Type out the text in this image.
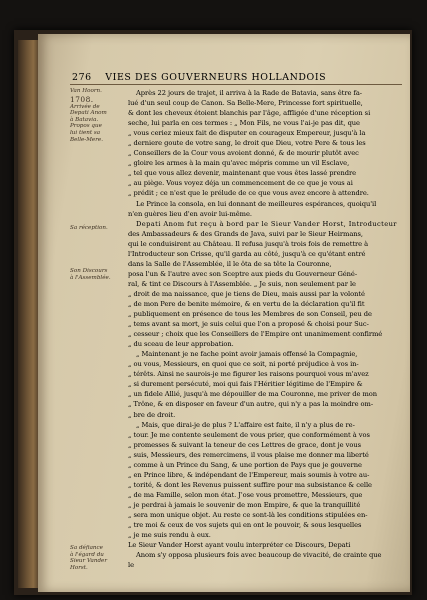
276 VIES DES GOUVERNEURS HOLLANDOIS
Van Hoorn.
1708.
Arrivée de
Depati Anom
à Batavia.
Propos que
lui tient sa
Belle-Mere.
Sa réception.
Son Discours
à l'Assemblée.
Sa défiance
à l'égard du
Sieur Vander
Horst.
Après 22 jours de trajet, il arriva à la Rade de Batavia, sans être fa-
lué d'un seul coup de Canon. Sa Belle-Mere, Princesse fort spirituelle,
& dont les cheveux étoient blanchis par l'âge, affligée d'une réception si
seche, lui parla en ces termes : „ Mon Fils, ne vous l'ai-je pas dit, que
„ vous ceriez mieux fait de disputer en courageux Empereur, jusqu'à la
„ derniere goute de votre sang, le droit que Dieu, votre Pere & tous les
„ Conseillers de la Cour vous avoient donné, & de mourir plutôt avec
„ gloire les armes à la main qu'avec mépris comme un vil Esclave,
„ tel que vous allez devenir, maintenant que vous êtes lassé prendre
„ au piège. Vous voyez déja un commencement de ce que je vous ai
„ prédit ; ce n'est que le prélude de ce que vous avez encore à attendre.
Le Prince la consola, en lui donnant de meilleures espérances, quoiqu'il
n'en guères lieu d'en avoir lui-même.
Depati Anom fut reçu à bord par le Sieur Vander Horst, Introducteur
des Ambassadeurs & des Grands de Java, suivi par le Sieur Heirmans,
qui le conduisirent au Château. Il refusa jusqu'à trois fois de remettre à
l'Introducteur son Crisse, qu'il garda au côté, jusqu'à ce qu'étant entré
dans la Salle de l'Assemblée, il le ôta de sa tête la Couronne,
posa l'un & l'autre avec son Sceptre aux pieds du Gouverneur Géné-
ral, & tint ce Discours à l'Assemblée. „ Je suis, non seulement par le
„ droit de ma naissance, que je tiens de Dieu, mais aussi par la volonté
„ de mon Pere de benite mémoire, & en vertu de la déclaration qu'il fit
„ publiquement en présence de tous les Membres de son Conseil, peu de
„ tems avant sa mort, je suis celui que l'on a proposé & choisi pour Suc-
„ cesseur ; choix que les Conseillers de l'Empire ont unanimement confirmé
„ du sceau de leur approbation.
„ Maintenant je ne fache point avoir jamais offensé la Compagnie,
„ ou vous, Messieurs, en quoi que ce soit, ni porté préjudice à vos in-
„ térêts. Ainsi ne saurois-je me figurer les raisons pourquoi vous m'avez
„ si durement persécuté, moi qui fais l'Héritier légitime de l'Empire &
„ un fidele Allié, jusqu'à me dépouiller de ma Couronne, me priver de mon
„ Trône, & en disposer en faveur d'un autre, qui n'y a pas la moindre om-
„ bre de droit.
„ Mais, que dirai-je de plus ? L'affaire est faite, il n'y a plus de re-
„ tour. Je me contente seulement de vous prier, que conformément à vos
„ promesses & suivant la teneur de ces Lettres de grace, dont je vous
„ suis, Messieurs, des remercimens, il vous plaise me donner ma liberté
„ comme à un Prince du Sang, & une portion de Pays que je gouverne
„ en Prince libre, & indépendant de l'Empereur, mais soumis à votre au-
„ torité, & dont les Revenus puissent suffire pour ma subsistance & celle
„ de ma Famille, selon mon état. J'ose vous promettre, Messieurs, que
„ je perdrai à jamais le souvenir de mon Empire, & que la tranquillité
„ sera mon unique objet. Au reste ce sont-là les conditions stipulées en-
„ tre moi & ceux de vos sujets qui en ont le pouvoir, & sous lesquelles
„ je me suis rendu à eux.
Le Sieur Vander Horst ayant voulu interpréter ce Discours, Depati
Anom s'y opposa plusieurs fois avec beaucoup de vivacité, de crainte que
le
